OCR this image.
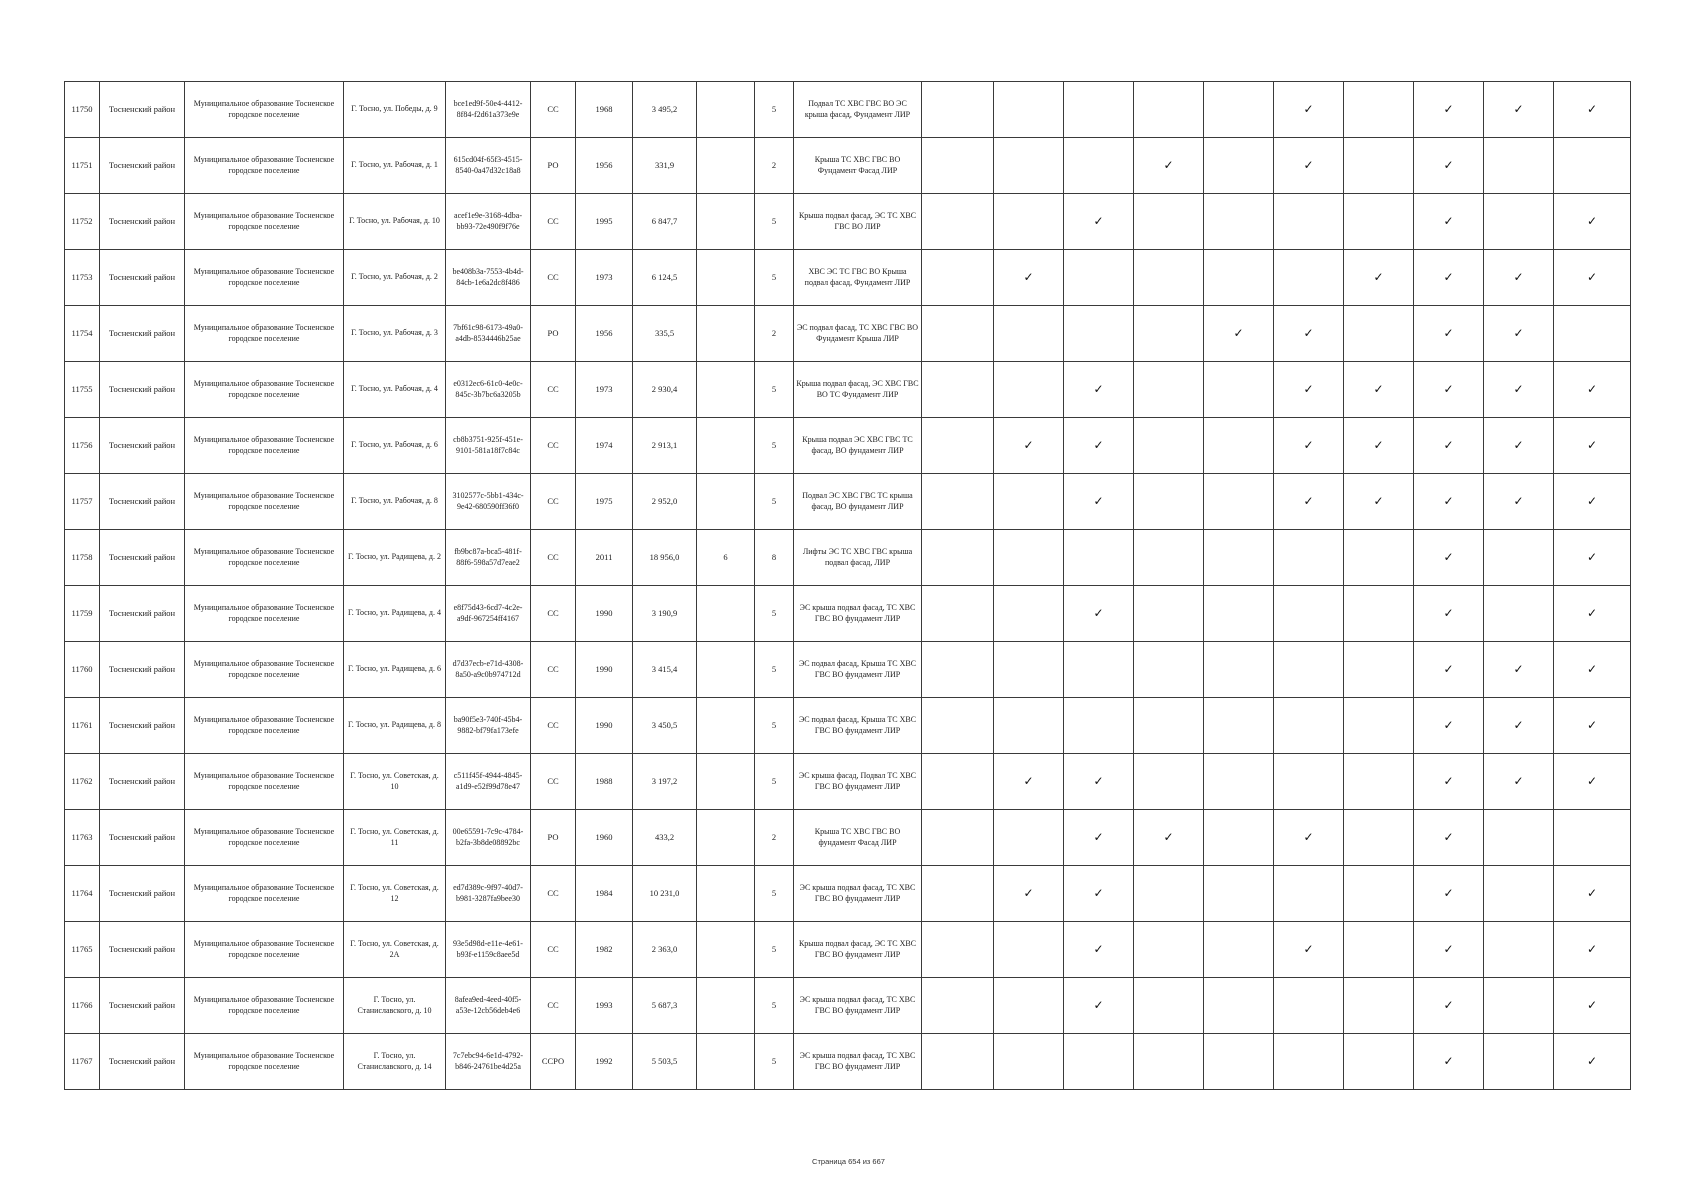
11750	Тосненский район	Муниципальное образование Тосненское городское поселение	Г. Тосно, ул. Победы, д. 9	bce1ed9f-50e4-4412-8f84-f2d61a373e9e	СС	1968	3 495,2		5	Подвал ТС ХВС ГВС ВО ЭС крыша фасад, Фундамент ЛИР						✓		✓	✓	✓
11751	Тосненский район	Муниципальное образование Тосненское городское поселение	Г. Тосно, ул. Рабочая, д. 1	615cd04f-65f3-4515-8540-0a47d32c18a8	РО	1956	331,9		2	Крыша ТС ХВС ГВС ВО Фундамент Фасад ЛИР				✓		✓		✓		
11752	Тосненский район	Муниципальное образование Тосненское городское поселение	Г. Тосно, ул. Рабочая, д. 10	acef1e9e-3168-4dba-bb93-72e490f9f76e	СС	1995	6 847,7		5	Крыша подвал фасад, ЭС ТС ХВС ГВС ВО ЛИР			✓					✓		✓
11753	Тосненский район	Муниципальное образование Тосненское городское поселение	Г. Тосно, ул. Рабочая, д. 2	be408b3a-7553-4b4d-84cb-1e6a2dc8f486	СС	1973	6 124,5		5	ХВС ЭС ТС ГВС ВО Крыша подвал фасад, Фундамент ЛИР		✓					✓	✓	✓	✓
11754	Тосненский район	Муниципальное образование Тосненское городское поселение	Г. Тосно, ул. Рабочая, д. 3	7bf61c98-6173-49a0-a4db-8534446b25ae	РО	1956	335,5		2	ЭС подвал фасад, ТС ХВС ГВС ВО Фундамент Крыша ЛИР					✓	✓		✓	✓	
11755	Тосненский район	Муниципальное образование Тосненское городское поселение	Г. Тосно, ул. Рабочая, д. 4	e0312ec6-61c0-4e0c-845c-3b7bc6a3205b	СС	1973	2 930,4		5	Крыша подвал фасад, ЭС ХВС ГВС ВО ТС Фундамент ЛИР			✓			✓	✓	✓	✓	✓
11756	Тосненский район	Муниципальное образование Тосненское городское поселение	Г. Тосно, ул. Рабочая, д. 6	cb8b3751-925f-451e-9101-581a18f7c84c	СС	1974	2 913,1		5	Крыша подвал ЭС ХВС ГВС ТС фасад, ВО фундамент ЛИР		✓	✓			✓	✓	✓	✓	✓
11757	Тосненский район	Муниципальное образование Тосненское городское поселение	Г. Тосно, ул. Рабочая, д. 8	3102577c-5bb1-434c-9e42-680590ff36f0	СС	1975	2 952,0		5	Подвал ЭС ХВС ГВС ТС крыша фасад, ВО фундамент ЛИР			✓			✓	✓	✓	✓	✓
11758	Тосненский район	Муниципальное образование Тосненское городское поселение	Г. Тосно, ул. Радищева, д. 2	fb9bc87a-bca5-481f-88f6-598a57d7eae2	СС	2011	18 956,0	6	8	Лифты ЭС ТС ХВС ГВС крыша подвал фасад, ЛИР								✓		✓
11759	Тосненский район	Муниципальное образование Тосненское городское поселение	Г. Тосно, ул. Радищева, д. 4	e8f75d43-6cd7-4c2e-a9df-967254ff4167	СС	1990	3 190,9		5	ЭС крыша подвал фасад, ТС ХВС ГВС ВО фундамент ЛИР			✓					✓		✓
11760	Тосненский район	Муниципальное образование Тосненское городское поселение	Г. Тосно, ул. Радищева, д. 6	d7d37ecb-e71d-4308-8a50-a9c0b974712d	СС	1990	3 415,4		5	ЭС подвал фасад, Крыша ТС ХВС ГВС ВО фундамент ЛИР								✓	✓	✓
11761	Тосненский район	Муниципальное образование Тосненское городское поселение	Г. Тосно, ул. Радищева, д. 8	ba90f5e3-740f-45b4-9882-bf79fa173efe	СС	1990	3 450,5		5	ЭС подвал фасад, Крыша ТС ХВС ГВС ВО фундамент ЛИР								✓	✓	✓
11762	Тосненский район	Муниципальное образование Тосненское городское поселение	Г. Тосно, ул. Советская, д. 10	c511f45f-4944-4845-a1d9-e52f99d78e47	СС	1988	3 197,2		5	ЭС крыша фасад, Подвал ТС ХВС ГВС ВО фундамент ЛИР		✓	✓					✓	✓	✓
11763	Тосненский район	Муниципальное образование Тосненское городское поселение	Г. Тосно, ул. Советская, д. 11	00e65591-7c9c-4784-b2fa-3b8de08892bc	РО	1960	433,2		2	Крыша ТС ХВС ГВС ВО фундамент Фасад ЛИР			✓	✓		✓		✓		
11764	Тосненский район	Муниципальное образование Тосненское городское поселение	Г. Тосно, ул. Советская, д. 12	ed7d389c-9f97-40d7-b981-3287fa9bee30	СС	1984	10 231,0		5	ЭС крыша подвал фасад, ТС ХВС ГВС ВО фундамент ЛИР		✓	✓					✓		✓
11765	Тосненский район	Муниципальное образование Тосненское городское поселение	Г. Тосно, ул. Советская, д. 2А	93e5d98d-e11e-4e61-b93f-e1159c8aee5d	СС	1982	2 363,0		5	Крыша подвал фасад, ЭС ТС ХВС ГВС ВО фундамент ЛИР			✓			✓		✓		✓
11766	Тосненский район	Муниципальное образование Тосненское городское поселение	Г. Тосно, ул. Станиславского, д. 10	8afea9ed-4eed-40f5-a53e-12cb56deb4e6	СС	1993	5 687,3		5	ЭС крыша подвал фасад, ТС ХВС ГВС ВО фундамент ЛИР			✓					✓		✓
11767	Тосненский район	Муниципальное образование Тосненское городское поселение	Г. Тосно, ул. Станиславского, д. 14	7c7ebc94-6e1d-4792-b846-24761be4d25a	ССРО	1992	5 503,5		5	ЭС крыша подвал фасад, ТС ХВС ГВС ВО фундамент ЛИР								✓		✓
Страница 654 из 667
